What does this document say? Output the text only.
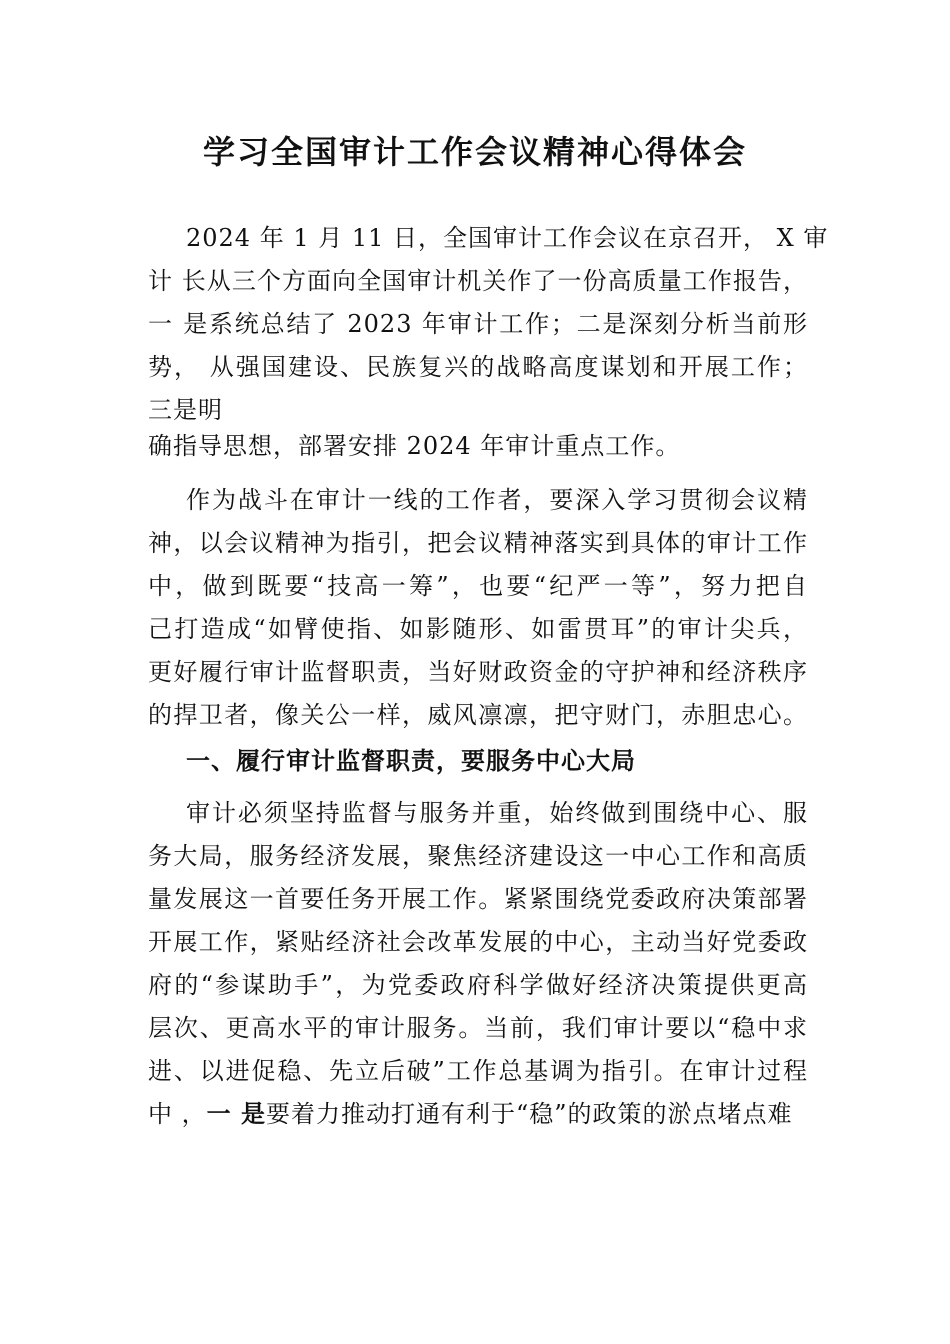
学习全国审计工作会议精神心得体会
2024 年 1 月 11 日，全国审计工作会议在京召开， X 审
计 长从三个方面向全国审计机关作了一份高质量工作报告，
一 是系统总结了 2023 年审计工作；二是深刻分析当前形
势， 从强国建设、民族复兴的战略高度谋划和开展工作；
三是明
确指导思想，部署安排 2024 年审计重点工作。
作为战斗在审计一线的工作者，要深入学习贯彻会议精
神，以会议精神为指引，把会议精神落实到具体的审计工作
中，做到既要“技高一筹”，也要“纪严一等”，努力把自
己打造成“如臂使指、如影随形、如雷贯耳”的审计尖兵，
更好履行审计监督职责，当好财政资金的守护神和经济秩序
的捍卫者，像关公一样，威风凛凛，把守财门，赤胆忠心。
一、履行审计监督职责，要服务中心大局
审计必须坚持监督与服务并重，始终做到围绕中心、服
务大局，服务经济发展，聚焦经济建设这一中心工作和高质
量发展这一首要任务开展工作。紧紧围绕党委政府决策部署
开展工作，紧贴经济社会改革发展的中心，主动当好党委政
府的“参谋助手”，为党委政府科学做好经济决策提供更高
层次、更高水平的审计服务。当前，我们审计要以“稳中求
进、以进促稳、先立后破”工作总基调为指引。在审计过程
中 ，一 是要着力推动打通有利于“稳”的政策的淤点堵点难
